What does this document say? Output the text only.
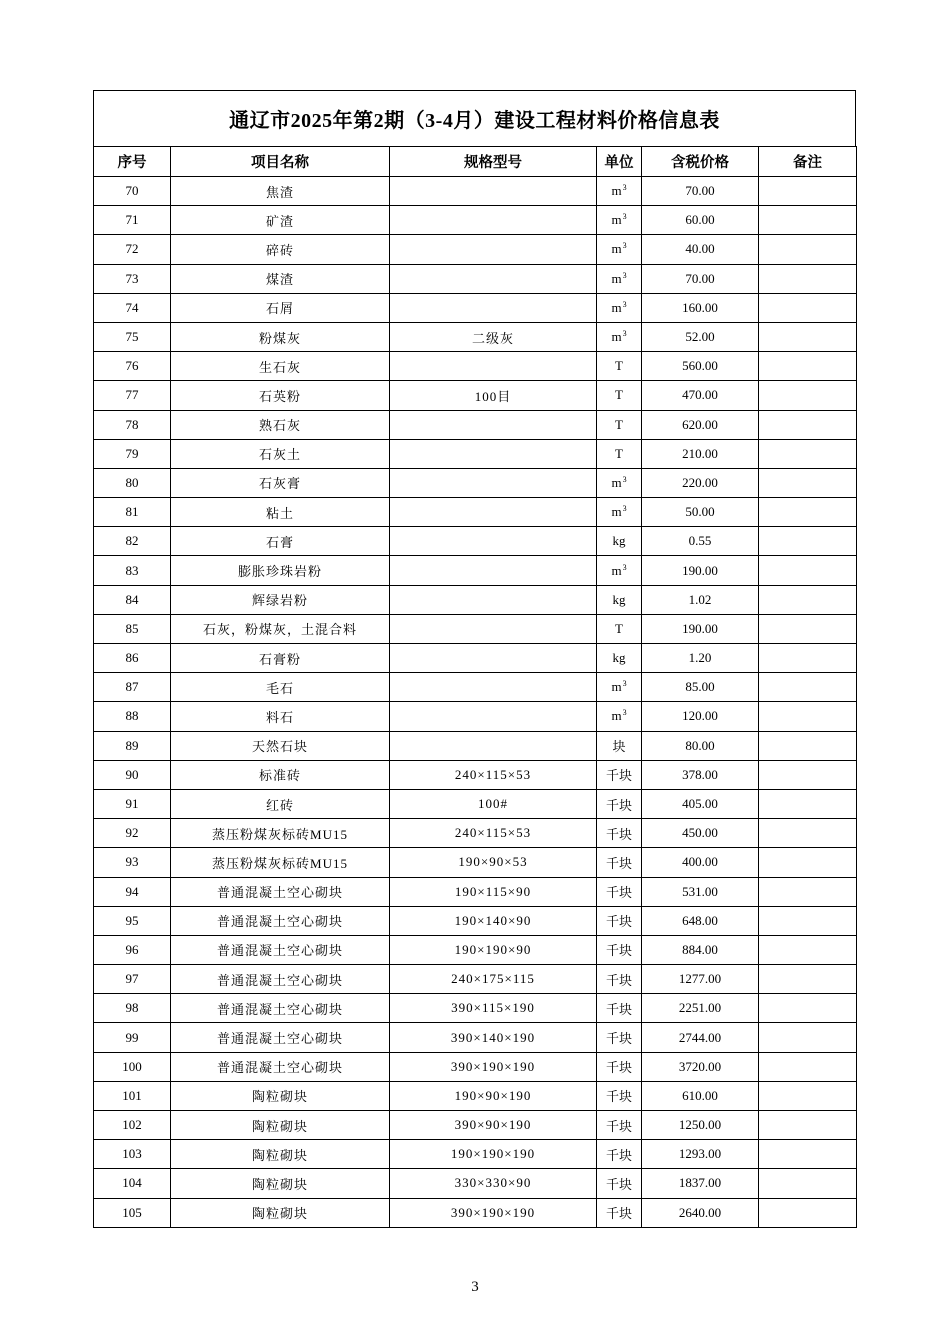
通辽市2025年第2期（3-4月）建设工程材料价格信息表
序号	项目名称	规格型号	单位	含税价格	备注
70	焦渣		$m^3$	70.00	
71	矿渣		$m^3$	60.00	
72	碎砖		$m^3$	40.00	
73	煤渣		$m^3$	70.00	
74	石屑		$m^3$	160.00	
75	粉煤灰	二级灰	$m^3$	52.00	
76	生石灰		T	560.00	
77	石英粉	100目	T	470.00	
78	熟石灰		T	620.00	
79	石灰土		T	210.00	
80	石灰膏		$m^3$	220.00	
81	粘土		$m^3$	50.00	
82	石膏		kg	0.55	
83	膨胀珍珠岩粉		$m^3$	190.00	
84	辉绿岩粉		kg	1.02	
85	石灰，粉煤灰，土混合料		T	190.00	
86	石膏粉		kg	1.20	
87	毛石		$m^3$	85.00	
88	料石		$m^3$	120.00	
89	天然石块		块	80.00	
90	标准砖	240×115×53	千块	378.00	
91	红砖	100#	千块	405.00	
92	蒸压粉煤灰标砖MU15	240×115×53	千块	450.00	
93	蒸压粉煤灰标砖MU15	190×90×53	千块	400.00	
94	普通混凝土空心砌块	190×115×90	千块	531.00	
95	普通混凝土空心砌块	190×140×90	千块	648.00	
96	普通混凝土空心砌块	190×190×90	千块	884.00	
97	普通混凝土空心砌块	240×175×115	千块	1277.00	
98	普通混凝土空心砌块	390×115×190	千块	2251.00	
99	普通混凝土空心砌块	390×140×190	千块	2744.00	
100	普通混凝土空心砌块	390×190×190	千块	3720.00	
101	陶粒砌块	190×90×190	千块	610.00	
102	陶粒砌块	390×90×190	千块	1250.00	
103	陶粒砌块	190×190×190	千块	1293.00	
104	陶粒砌块	330×330×90	千块	1837.00	
105	陶粒砌块	390×190×190	千块	2640.00	
3
